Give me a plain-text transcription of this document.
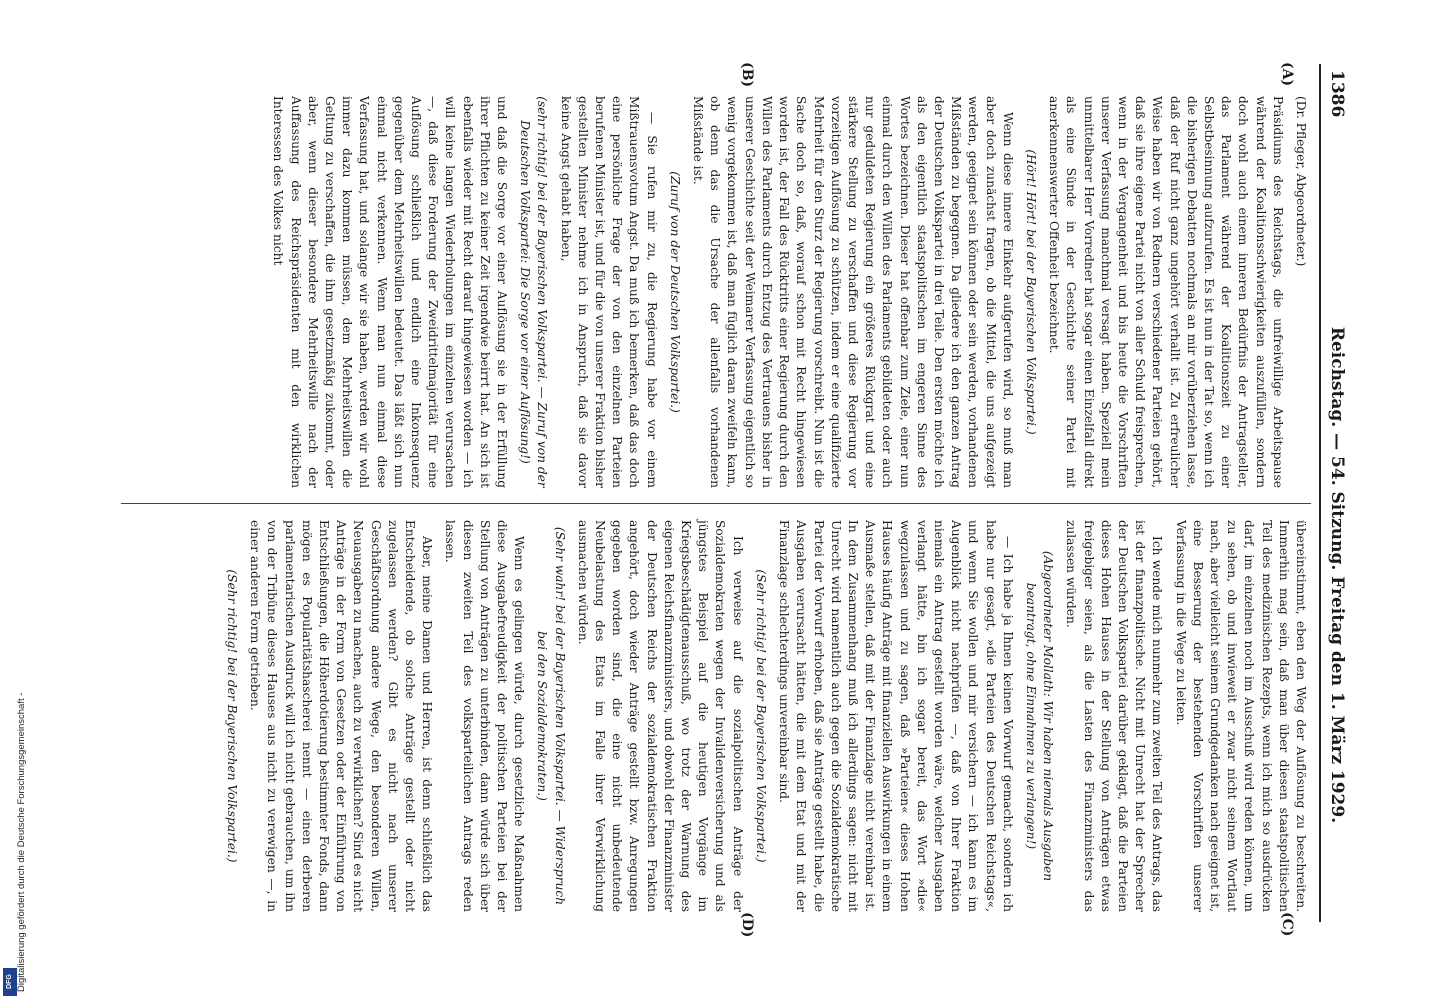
DFG Digitalisierung gefördert durch die Deutsche Forschungsgemeinschaft -
1386
Reichstag. — 54. Sitzung. Freitag den 1. März 1929.
(A)
(B)
(C)
(D)

(Dr. Pfleger, Abgeordneter.)

Präsidiums des Reichstags, die unfreiwillige Arbeitspause während der Koalitionsschwierigkeiten auszufüllen, sondern doch wohl auch einem inneren Bedürfnis der Antragsteller, das Parlament während der Koalitionszeit zu einer Selbstbesinnung aufzurufen. Es ist nun in der Tat so, wenn ich die bisherigen Debatten nochmals an mir vorüberziehen lasse, daß der Ruf nicht ganz ungehört verhallt ist. Zu erfreulicher Weise haben wir von Rednern verschiedener Parteien gehört, daß sie ihre eigene Partei nicht von aller Schuld freisprechen, wenn in der Vergangenheit und bis heute die Vorschriften unserer Verfassung manchmal versagt haben. Speziell mein unmittelbarer Herr Vorredner hat sogar einen Einzelfall direkt als eine Sünde in der Geschichte seiner Partei mit anerkennenswerter Offenheit bezeichnet.

(Hört! Hört! bei der Bayerischen Volkspartei.)

Wenn diese innere Einkehr aufgerufen wird, so muß man aber doch zunächst fragen, ob die Mittel, die uns aufgezeigt werden, geeignet sein können oder sein werden, vorhandenen Mißständen zu begegnen. Da gliedere ich den ganzen Antrag der Deutschen Volkspartei in drei Teile. Den ersten möchte ich als den eigentlich staatspolitischen im engeren Sinne des Wortes bezeichnen. Dieser hat offenbar zum Ziele, einer nun einmal durch den Willen des Parlaments gebildeten oder auch nur geduldeten Regierung ein größeres Rückgrat und eine stärkere Stellung zu verschaffen und diese Regierung vor vorzeitigen Auflösung zu schützen, indem er eine qualifizierte Mehrheit für den Sturz der Regierung vorschreibt. Nun ist die Sache doch so, daß, worauf schon mit Recht hingewiesen worden ist, der Fall des Rücktritts einer Regierung durch den Willen des Parlaments durch Entzug des Vertrauens bisher in unserer Geschichte seit der Weimarer Verfassung eigentlich so wenig vorgekommen ist, daß man füglich daran zweifeln kann, ob denn das die Ursache der allenfalls vorhandenen Mißstände ist.

(Zuruf von der Deutschen Volkspartei.)

— Sie rufen mir zu, die Regierung habe vor einem Mißtrauensvotum Angst. Da muß ich bemerken, daß das doch eine persönliche Frage der von den einzelnen Parteien berufenen Minister ist, und für die von unserer Fraktion bisher gestellten Minister nehme ich in Anspruch, daß sie davor keine Angst gehabt haben,

(sehr richtig! bei der Bayerischen Volkspartei. — Zuruf von der Deutschen Volkspartei: Die Sorge vor einer Auflösung!)

und daß die Sorge vor einer Auflösung sie in der Erfüllung ihrer Pflichten zu keiner Zeit irgendwie beirrt hat. An sich ist ebenfalls wieder mit Recht darauf hingewiesen worden — ich will keine langen Wiederholungen im einzelnen verursachen —, daß diese Forderung der Zweidrittelmajorität für eine Auflösung schließlich und endlich eine Inkonsequenz gegenüber dem Mehrheitswillen bedeutet. Das läßt sich nun einmal nicht verkennen. Wenn man nun einmal diese Verfassung hat, und solange wir sie haben, werden wir wohl immer dazu kommen müssen, dem Mehrheitswillen die Geltung zu verschaffen, die ihm gesetzmäßig zukommt, oder aber, wenn dieser besondere Mehrheitswille nach der Auffassung des Reichspräsidenten mit den wirklichen Interessen des Volkes nicht

übereinstimmt, eben den Weg der Auflösung zu beschreiten. Immerhin mag sein, daß man über diesen staatspolitischen Teil des medizinischen Rezepts, wenn ich mich so ausdrücken darf, im einzelnen noch im Ausschuß wird reden können, um zu sehen, ob und inwieweit er zwar nicht seinem Wortlaut nach, aber vielleicht seinem Grundgedanken nach geeignet ist, eine Besserung der bestehenden Vorschriften unserer Verfassung in die Wege zu leiten.

Ich wende mich nunmehr zum zweiten Teil des Antrags, das ist der finanzpolitische. Nicht mit Unrecht hat der Sprecher der Deutschen Volkspartei darüber geklagt, daß die Parteien dieses Hohen Hauses in der Stellung von Anträgen etwas freigebiger seien, als die Lasten des Finanzministers das zulassen würden.

(Abgeordneter Mollath: Wir haben niemals Ausgaben beantragt, ohne Einnahmen zu verlangen!)

— Ich habe ja Ihnen keinen Vorwurf gemacht, sondern ich habe nur gesagt, »die Parteien des Deutschen Reichstags«, und wenn Sie wollen und mir versichern — ich kann es im Augenblick nicht nachprüfen —, daß von Ihrer Fraktion niemals ein Antrag gestellt worden wäre, welcher Ausgaben verlangt hätte, bin ich sogar bereit, das Wort »die« wegzulassen und zu sagen, daß »Parteien« dieses Hohen Hauses häufig Anträge mit finanziellen Auswirkungen in einem Ausmaße stellen, daß mit der Finanzlage nicht vereinbar ist. In dem Zusammenhang muß ich allerdings sagen: nicht mit Unrecht wird namentlich auch gegen die Sozialdemokratische Partei der Vorwurf erhoben, daß sie Anträge gestellt habe, die Ausgaben verursacht hätten, die mit dem Etat und mit der Finanzlage schlechterdings unvereinbar sind.

(Sehr richtig! bei der Bayerischen Volkspartei.)

Ich verweise auf die sozialpolitischen Anträge der Sozialdemokraten wegen der Invalidenversicherung und als jüngstes Beispiel auf die heutigen Vorgänge im Kriegsbeschädigtenausschuß, wo trotz der Warnung des eigenen Reichsfinanzministers, und obwohl der Finanzminister der Deutschen Reichs der sozialdemokratischen Fraktion angehört, doch wieder Anträge gestellt bzw. Anregungen gegeben worden sind, die eine nicht unbedeutende Neubelastung des Etats im Falle ihrer Verwirklichung ausmachen würden.

(Sehr wahr! bei der Bayerischen Volkspartei. — Widerspruch bei den Sozialdemokraten.)

Wenn es gelingen würde, durch gesetzliche Maßnahmen diese Ausgabefreudigkeit der politischen Parteien bei der Stellung von Anträgen zu unterbinden, dann würde sich über diesen zweiten Teil des volksparteilichen Antrags reden lassen.

Aber, meine Damen und Herren, ist denn schließlich das Entscheidende, ob solche Anträge gestellt oder nicht zugelassen werden? Gibt es nicht nach unserer Geschäftsordnung andere Wege, den besonderen Willen, Neuausgaben zu machen, auch zu verwirklichen? Sind es nicht Anträge in der Form von Gesetzen oder der Einführung von Entschließungen, die Höherdotierung bestimmter Fonds, dann mögen es Popularitätshascherei nennt — einen derberen parlamentarischen Ausdruck will ich nicht gebrauchen, um ihn von der Tribüne dieses Hauses aus nicht zu verewigen —, in einer anderen Form getrieben.

(Sehr richtig! bei der Bayerischen Volkspartei.)
